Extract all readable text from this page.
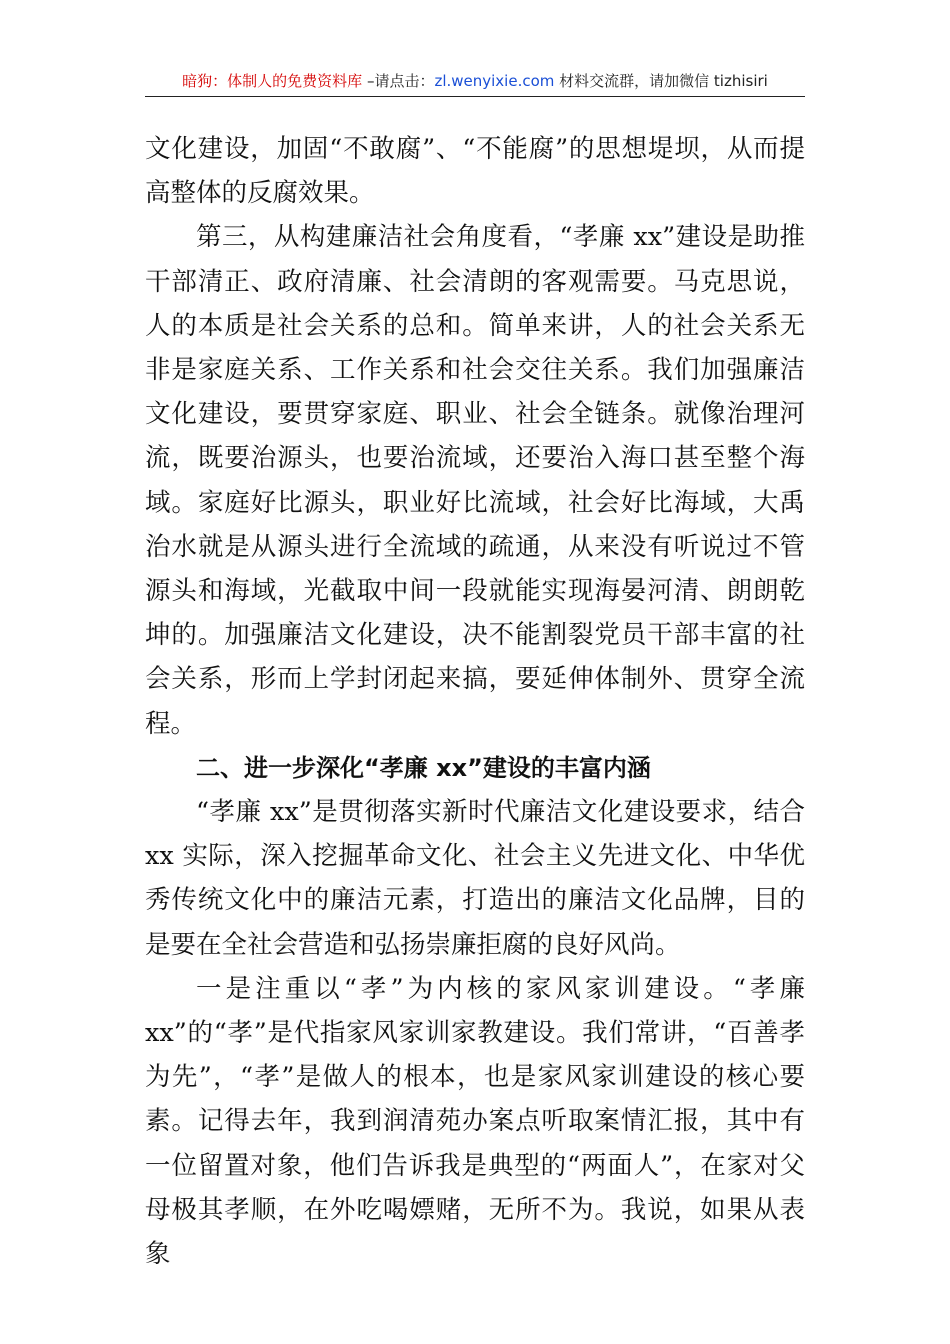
暗狗：体制人的免费资料库 –请点击：zl.wenyixie.com 材料交流群，请加微信 tizhisiri

文化建设，加固“不敢腐”、“不能腐”的思想堤坝，从而提高整体的反腐效果。

第三，从构建廉洁社会角度看，“孝廉 xx”建设是助推干部清正、政府清廉、社会清朗的客观需要。马克思说，人的本质是社会关系的总和。简单来讲，人的社会关系无非是家庭关系、工作关系和社会交往关系。我们加强廉洁文化建设，要贯穿家庭、职业、社会全链条。就像治理河流，既要治源头，也要治流域，还要治入海口甚至整个海域。家庭好比源头，职业好比流域，社会好比海域，大禹治水就是从源头进行全流域的疏通，从来没有听说过不管源头和海域，光截取中间一段就能实现海晏河清、朗朗乾坤的。加强廉洁文化建设，决不能割裂党员干部丰富的社会关系，形而上学封闭起来搞，要延伸体制外、贯穿全流程。

二、进一步深化“孝廉 xx”建设的丰富内涵

“孝廉 xx”是贯彻落实新时代廉洁文化建设要求，结合 xx 实际，深入挖掘革命文化、社会主义先进文化、中华优秀传统文化中的廉洁元素，打造出的廉洁文化品牌，目的是要在全社会营造和弘扬崇廉拒腐的良好风尚。

一是注重以“孝”为内核的家风家训建设。“孝廉 xx”的“孝”是代指家风家训家教建设。我们常讲，“百善孝为先”，“孝”是做人的根本，也是家风家训建设的核心要素。记得去年，我到润清苑办案点听取案情汇报，其中有一位留置对象，他们告诉我是典型的“两面人”，在家对父母极其孝顺，在外吃喝嫖赌，无所不为。我说，如果从表象
